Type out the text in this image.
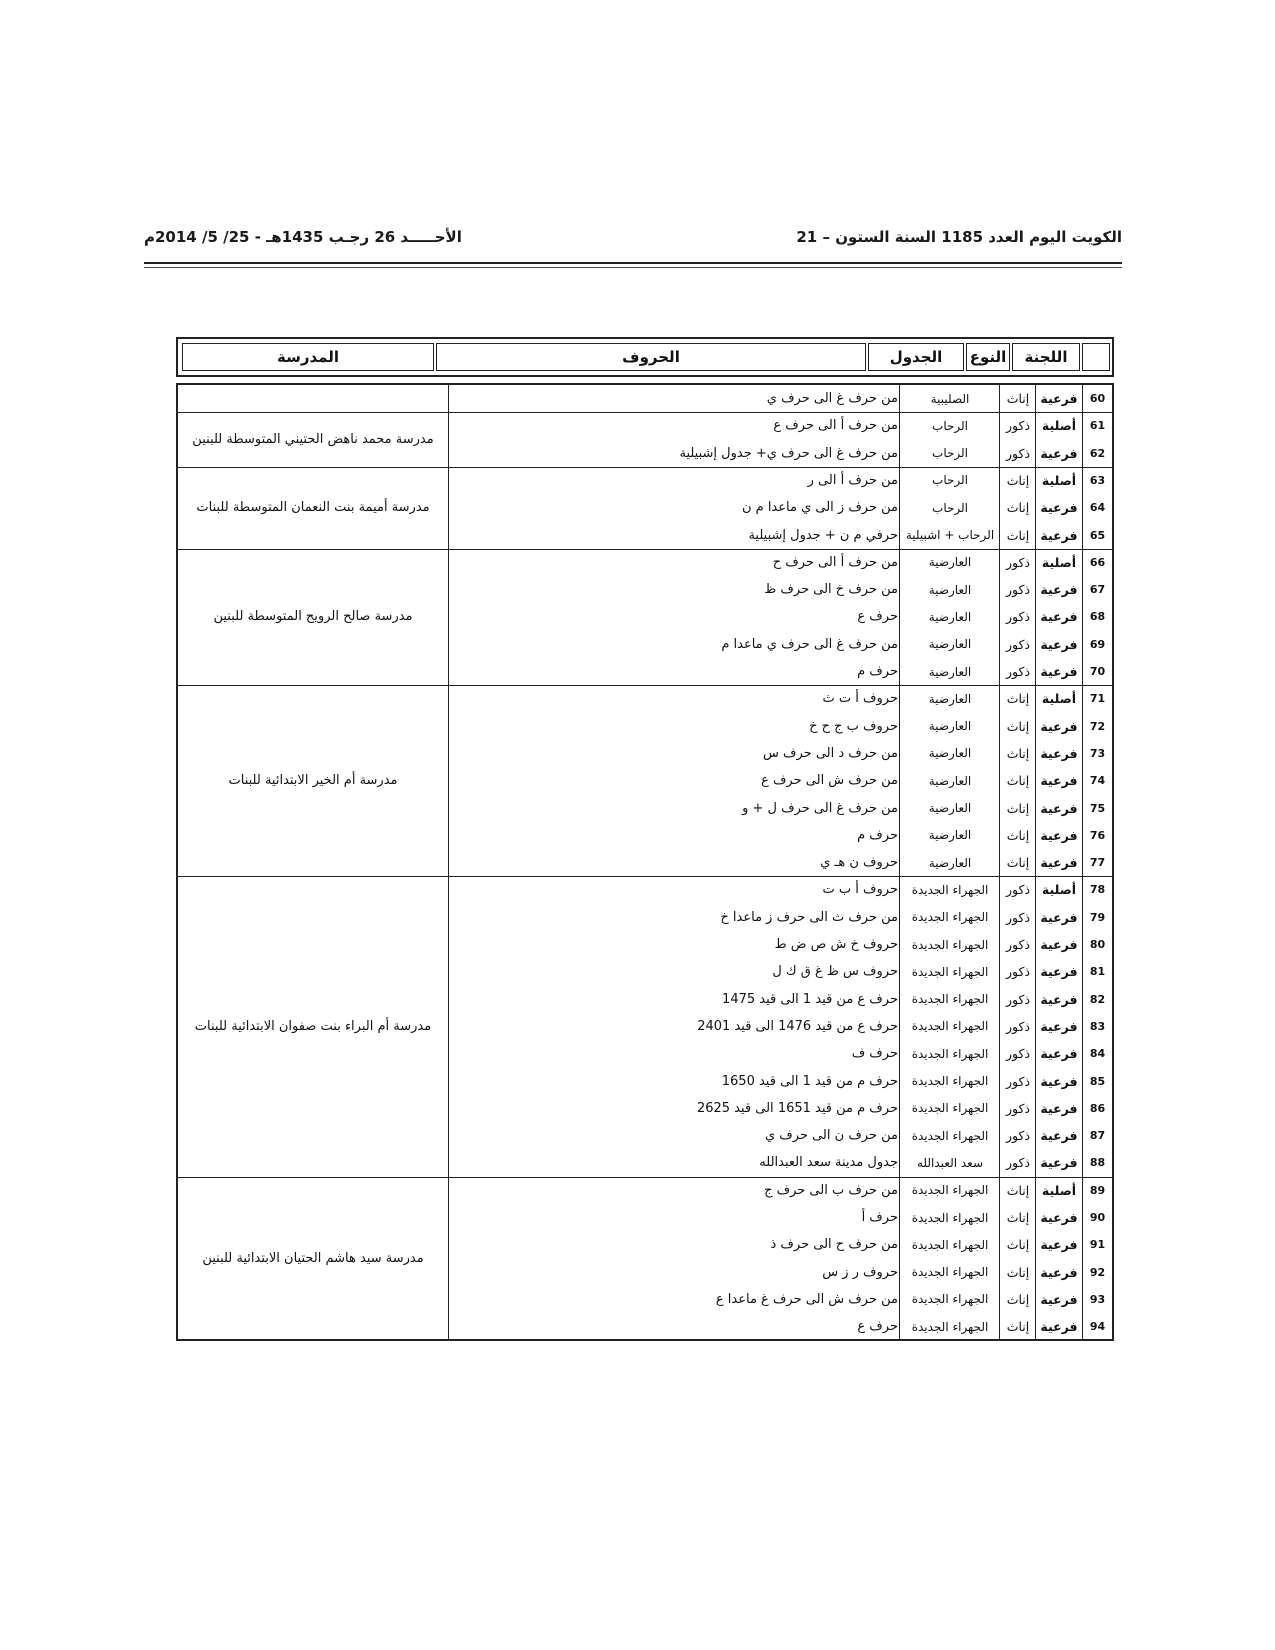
الكويت اليوم العدد 1185 السنة الستون – 21
الأحـــــد 26 رجـب 1435هـ - 25/ 5/ 2014م
اللجنة
النوع
الجدول
الحروف
المدرسة
60
فرعية
إناث
الصليبية
من حرف غ الى حرف ي
61
أصلية
ذكور
الرحاب
من حرف أ الى حرف ع
62
فرعية
ذكور
الرحاب
من حرف غ الى حرف ي+ جدول إشبيلية
63
أصلية
إناث
الرحاب
من حرف أ الى ر
64
فرعية
إناث
الرحاب
من حرف ز الى ي ماعدا م ن
65
فرعية
إناث
الرحاب + اشبيلية
حرفي م ن + جدول إشبيلية
66
أصلية
ذكور
العارضية
من حرف أ الى حرف ح
67
فرعية
ذكور
العارضية
من حرف خ الى حرف ظ
68
فرعية
ذكور
العارضية
حرف ع
69
فرعية
ذكور
العارضية
من حرف غ الى حرف ي ماعدا م
70
فرعية
ذكور
العارضية
حرف م
71
أصلية
إناث
العارضية
حروف أ ت ث
72
فرعية
إناث
العارضية
حروف ب ج ح خ
73
فرعية
إناث
العارضية
من حرف د الى حرف س
74
فرعية
إناث
العارضية
من حرف ش الى حرف ع
75
فرعية
إناث
العارضية
من حرف غ الى حرف ل + و
76
فرعية
إناث
العارضية
حرف م
77
فرعية
إناث
العارضية
حروف ن هـ ي
78
أصلية
ذكور
الجهراء الجديدة
حروف أ ب ت
79
فرعية
ذكور
الجهراء الجديدة
من حرف ث الى حرف ز ماعدا خ
80
فرعية
ذكور
الجهراء الجديدة
حروف خ ش ص ض ط
81
فرعية
ذكور
الجهراء الجديدة
حروف س ظ غ ق ك ل
82
فرعية
ذكور
الجهراء الجديدة
حرف ع من قيد 1 الى قيد 1475
83
فرعية
ذكور
الجهراء الجديدة
حرف ع من قيد 1476 الى قيد 2401
84
فرعية
ذكور
الجهراء الجديدة
حرف ف
85
فرعية
ذكور
الجهراء الجديدة
حرف م من قيد 1 الى قيد 1650
86
فرعية
ذكور
الجهراء الجديدة
حرف م من قيد 1651 الى قيد 2625
87
فرعية
ذكور
الجهراء الجديدة
من حرف ن الى حرف ي
88
فرعية
ذكور
سعد العبدالله
جدول مدينة سعد العبدالله
89
أصلية
إناث
الجهراء الجديدة
من حرف ب الى حرف ج
90
فرعية
إناث
الجهراء الجديدة
حرف أ
91
فرعية
إناث
الجهراء الجديدة
من حرف ح الى حرف ذ
92
فرعية
إناث
الجهراء الجديدة
حروف ر ز س
93
فرعية
إناث
الجهراء الجديدة
من حرف ش الى حرف غ ماعدا ع
94
فرعية
إناث
الجهراء الجديدة
حرف ع
مدرسة محمد ناهض الحتيني المتوسطة للبنين
مدرسة أميمة بنت النعمان المتوسطة للبنات
مدرسة صالح الرويح المتوسطة للبنين
مدرسة أم الخير الابتدائية للبنات
مدرسة أم البراء بنت صفوان الابتدائية للبنات
مدرسة سيد هاشم الحتيان الابتدائية للبنين
